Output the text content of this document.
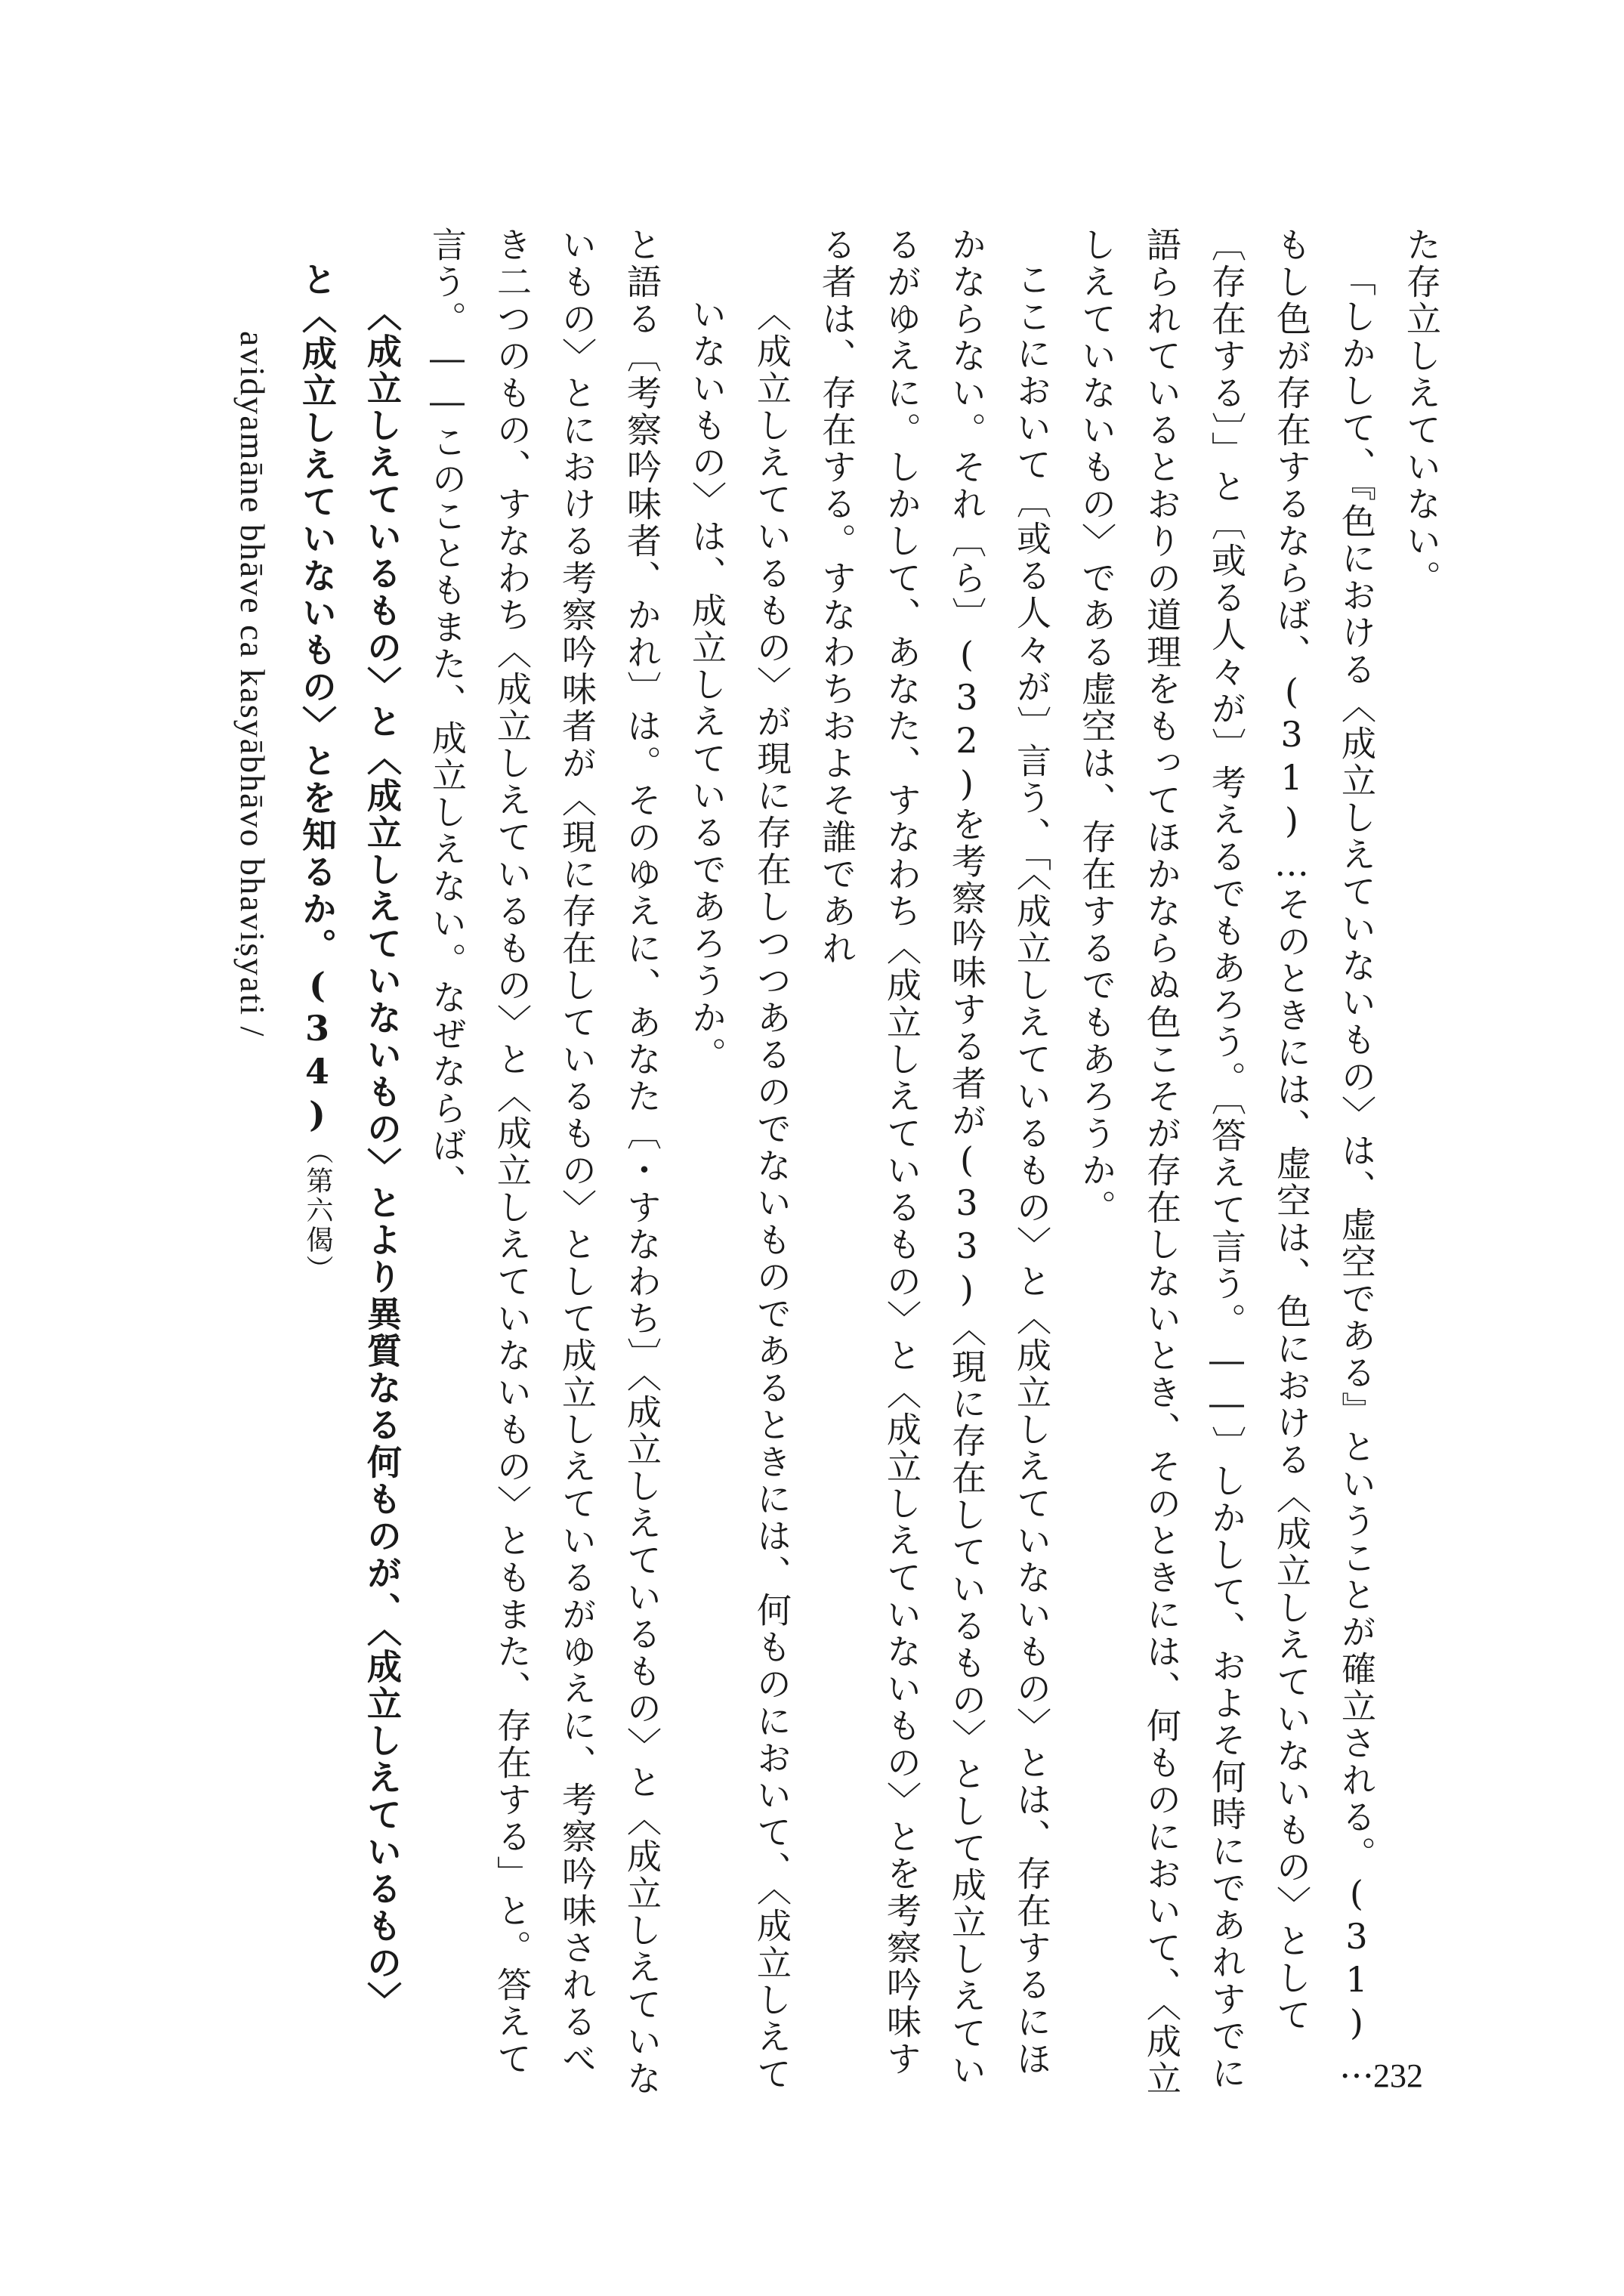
た存立しえていない。

「しかして、『色における〈成立しえていないもの〉は、虚空である』ということが確立される。(31)…もし色が存在するならば、(31)…そのときには、虚空は、色における〈成立しえていないもの〉として〔存在する〕」と〔或る人々が〕考えるでもあろう。〔答えて言う。――〕しかして、およそ何時にであれすでに語られているとおりの道理をもってほかならぬ色こそが存在しないとき、そのときには、何ものにおいて、〈成立しえていないもの〉である虚空は、存在するでもあろうか。

ここにおいて〔或る人々が〕言う、「〈成立しえているもの〉と〈成立しえていないもの〉とは、存在するにほかならない。それ〔ら〕(32)を考察吟味する者が(33)〈現に存在しているもの〉として成立しえているがゆえに。しかして、あなた、すなわち〈成立しえているもの〉と〈成立しえていないもの〉とを考察吟味する者は、存在する。すなわちおよそ誰であれ

〈成立しえているもの〉が現に存在しつつあるのでないものであるときには、何ものにおいて、〈成立しえていないもの〉は、成立しえているであろうか。

と語る〔考察吟味者、かれ〕は。そのゆえに、あなた〔・すなわち〕〈成立しえているもの〉と〈成立しえていないもの〉とにおける考察吟味者が〈現に存在しているもの〉として成立しえているがゆえに、考察吟味されるべき二つのもの、すなわち〈成立しえているもの〉と〈成立しえていないもの〉ともまた、存在する」と。答えて言う。――このこともまた、成立しえない。なぜならば、

〈成立しえているもの〉と〈成立しえていないもの〉とより異質なる何ものが、〈成立しえているもの〉

と〈成立しえていないもの〉とを知るか。(34)（第六偈）

avidyamāne bhāve ca kasyābhāvo bhaviṣyati /

232
